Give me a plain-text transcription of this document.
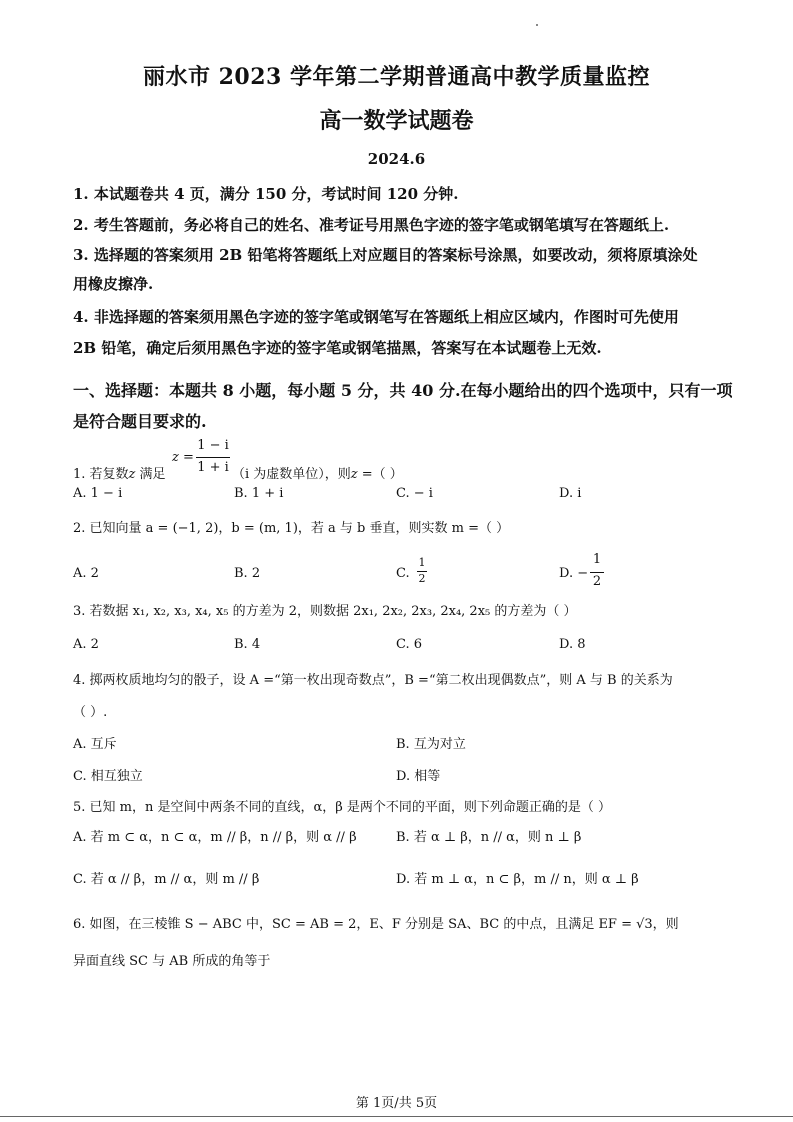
丽水市 2023 学年第二学期普通高中教学质量监控
高一数学试题卷
2024.6
1. 本试题卷共 4 页，满分 150 分，考试时间 120 分钟.
2. 考生答题前，务必将自己的姓名、准考证号用黑色字迹的签字笔或钢笔填写在答题纸上.
3. 选择题的答案须用 2B 铅笔将答题纸上对应题目的答案标号涂黑，如要改动，须将原填涂处
用橡皮擦净.
4. 非选择题的答案须用黑色字迹的签字笔或钢笔写在答题纸上相应区域内，作图时可先使用
2B 铅笔，确定后须用黑色字迹的签字笔或钢笔描黑，答案写在本试题卷上无效.
一、选择题：本题共 8 小题，每小题 5 分，共 40 分.在每小题给出的四个选项中，只有一项
是符合题目要求的.
1. 若复数z 满足
z =
1 − i
1 + i （i 为虚数单位），则z =（ ）
A. 1 − i	B. 1 + i	C. − i	D. i
2. 已知向量 a = (−1, 2)，b = (m, 1)，若 a 与 b 垂直，则实数 m =（ ）
A. 2	B. 2	C.
1
2	D. −
1
2
3. 若数据 x₁, x₂, x₃, x₄, x₅ 的方差为 2，则数据 2x₁, 2x₂, 2x₃, 2x₄, 2x₅ 的方差为（ ）
A. 2	B. 4	C. 6	D. 8
4. 掷两枚质地均匀的骰子，设 A =“第一枚出现奇数点”，B =“第二枚出现偶数点”，则 A 与 B 的关系为
（ ）.
A. 互斥	B. 互为对立
C. 相互独立	D. 相等
5. 已知 m，n 是空间中两条不同的直线，α，β 是两个不同的平面，则下列命题正确的是（ ）
A. 若 m ⊂ α，n ⊂ α，m // β，n // β，则 α // β	B. 若 α ⊥ β，n // α，则 n ⊥ β
C. 若 α // β，m // α，则 m // β	D. 若 m ⊥ α，n ⊂ β，m // n，则 α ⊥ β
6. 如图，在三棱锥 S − ABC 中，SC = AB = 2，E、F 分别是 SA、BC 的中点，且满足 EF = √3，则
异面直线 SC 与 AB 所成的角等于
第 1页/共 5页
